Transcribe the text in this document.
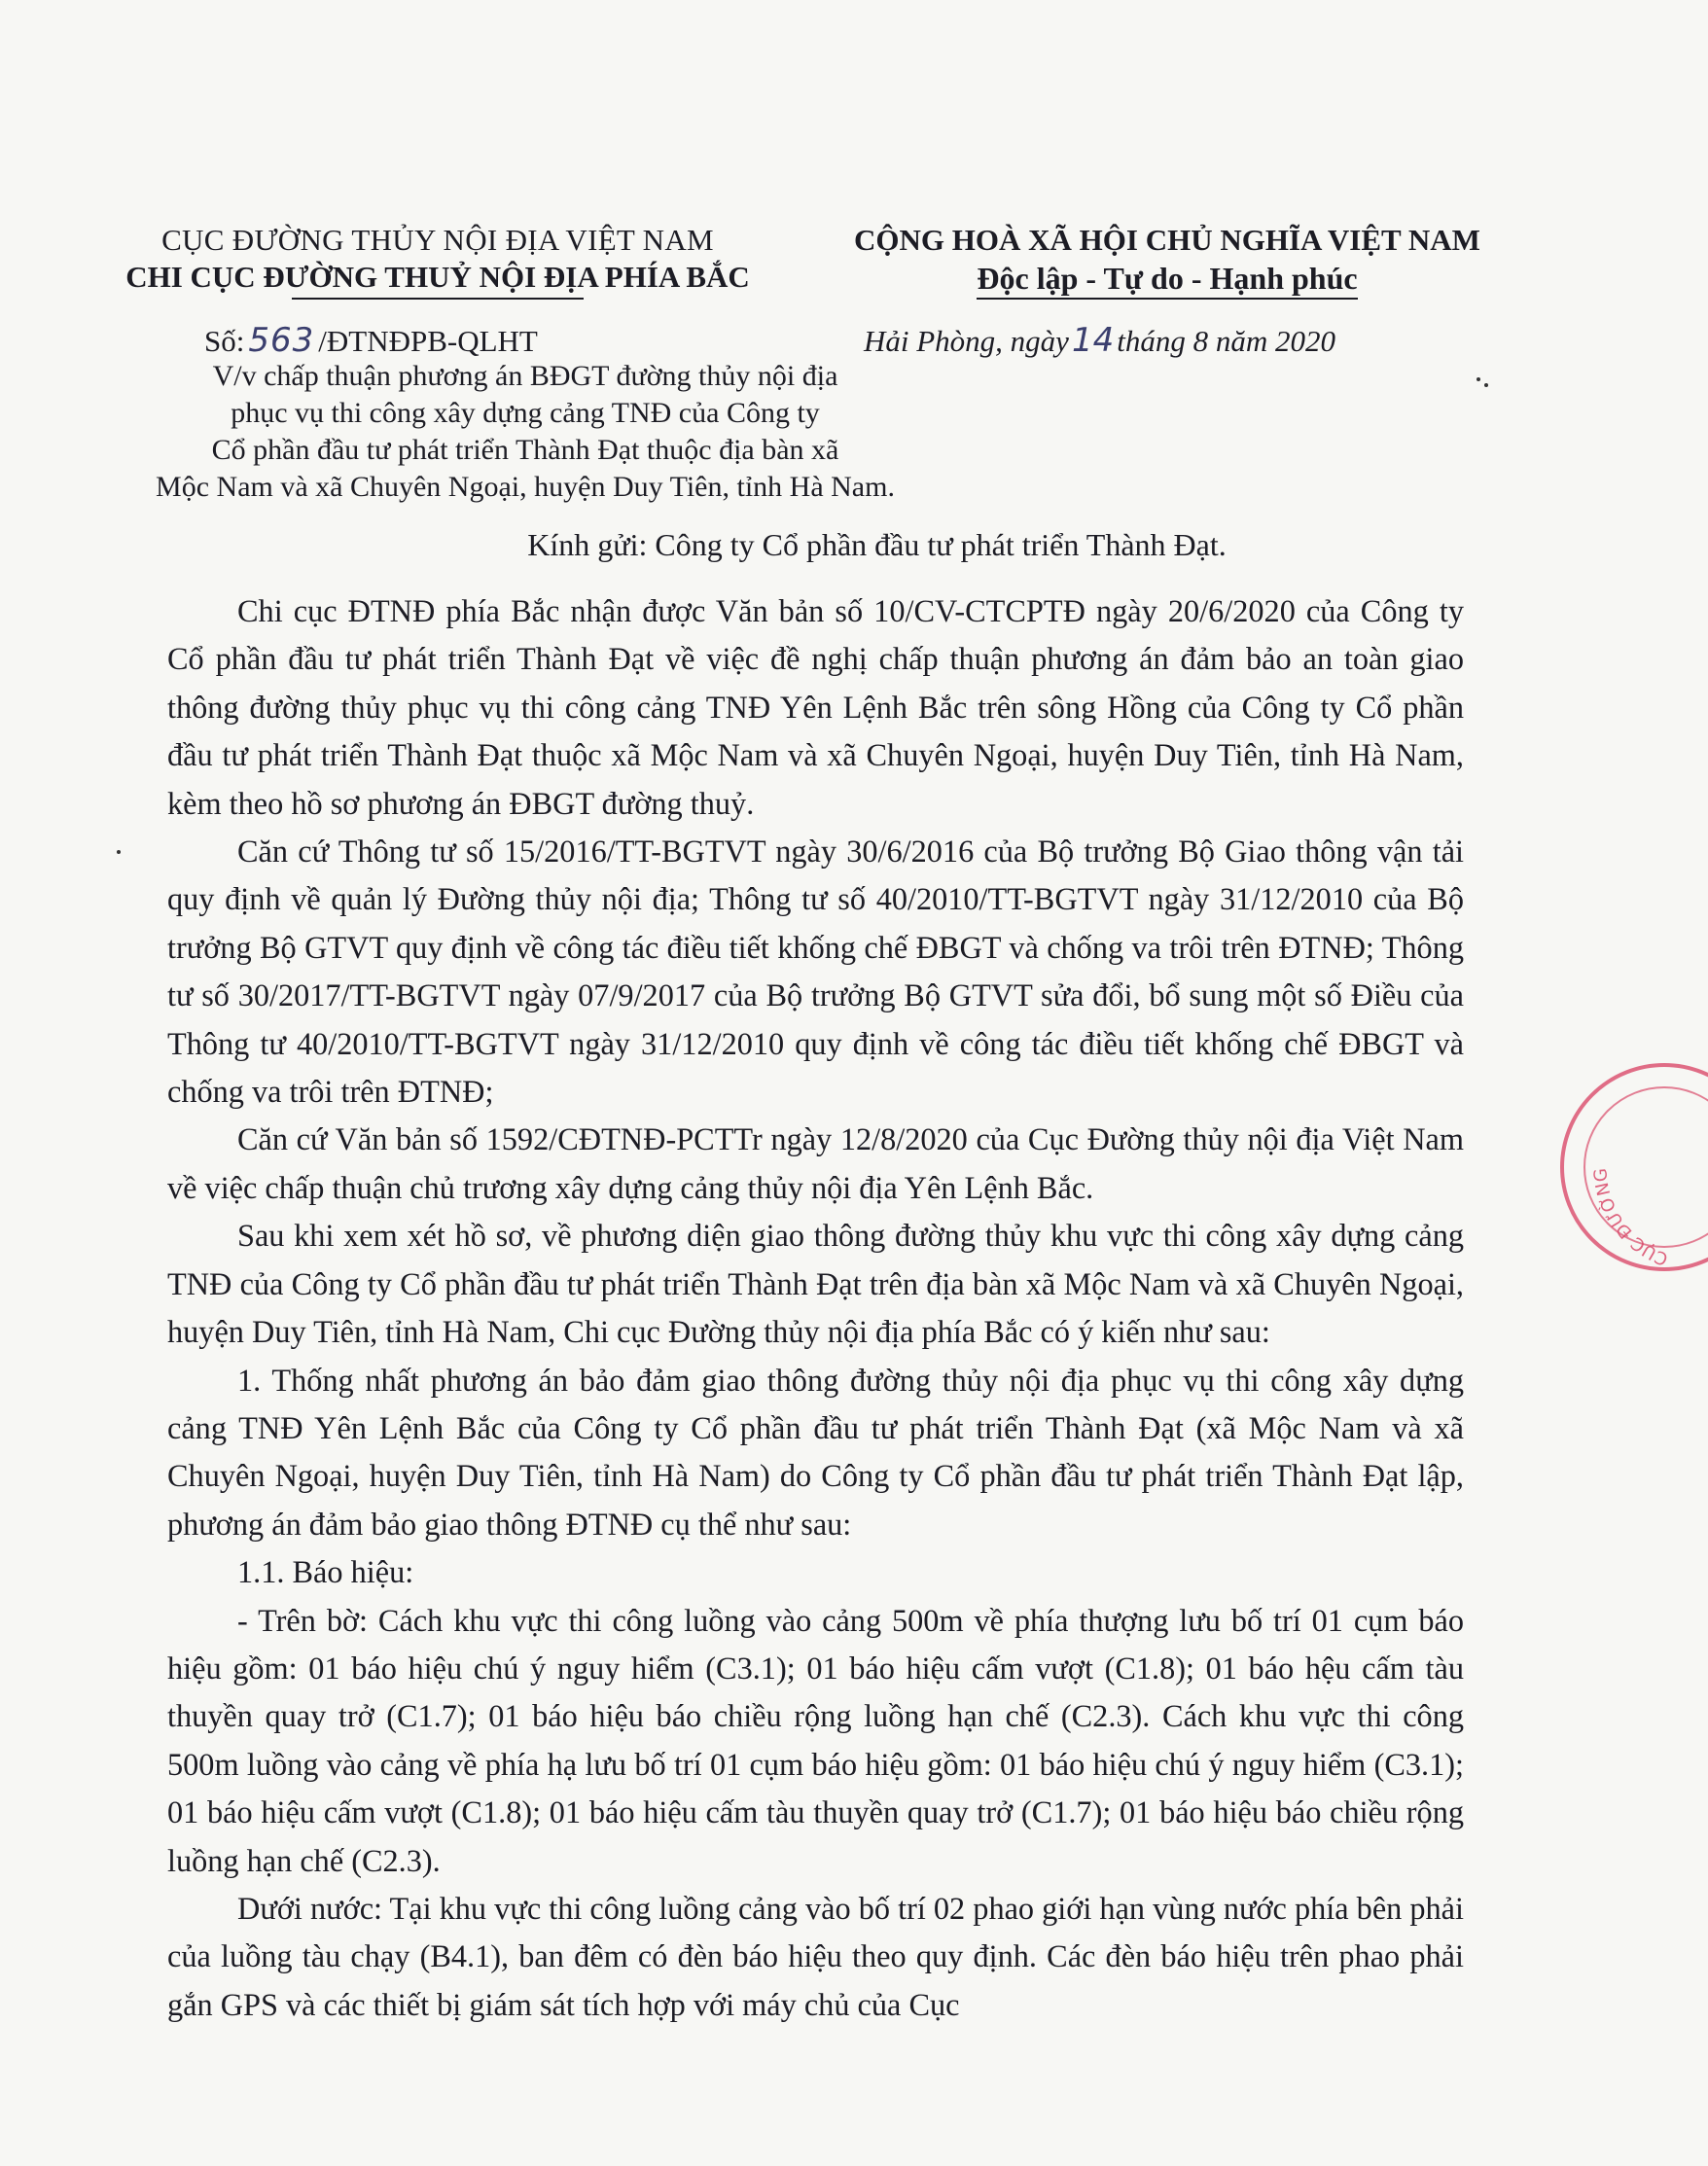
CỤC ĐƯỜNG THỦY NỘI ĐỊA VIỆT NAM
CHI CỤC ĐƯỜNG THUỶ NỘI ĐỊA PHÍA BẮC
CỘNG HOÀ XÃ HỘI CHỦ NGHĨA VIỆT NAM
Độc lập - Tự do - Hạnh phúc
Số: 563 /ĐTNĐPB-QLHT	Hải Phòng, ngày14tháng 8 năm 2020
V/v chấp thuận phương án BĐGT đường thủy nội địa
phục vụ thi công xây dựng cảng TNĐ của Công ty
Cổ phần đầu tư phát triển Thành Đạt thuộc địa bàn xã
Mộc Nam và xã Chuyên Ngoại, huyện Duy Tiên, tỉnh Hà Nam.
Kính gửi: Công ty Cổ phần đầu tư phát triển Thành Đạt.

Chi cục ĐTNĐ phía Bắc nhận được Văn bản số 10/CV-CTCPTĐ ngày 20/6/2020 của Công ty Cổ phần đầu tư phát triển Thành Đạt về việc đề nghị chấp thuận phương án đảm bảo an toàn giao thông đường thủy phục vụ thi công cảng TNĐ Yên Lệnh Bắc trên sông Hồng của Công ty Cổ phần đầu tư phát triển Thành Đạt thuộc xã Mộc Nam và xã Chuyên Ngoại, huyện Duy Tiên, tỉnh Hà Nam, kèm theo hồ sơ phương án ĐBGT đường thuỷ.

Căn cứ Thông tư số 15/2016/TT-BGTVT ngày 30/6/2016 của Bộ trưởng Bộ Giao thông vận tải quy định về quản lý Đường thủy nội địa; Thông tư số 40/2010/TT-BGTVT ngày 31/12/2010 của Bộ trưởng Bộ GTVT quy định về công tác điều tiết khống chế ĐBGT và chống va trôi trên ĐTNĐ; Thông tư số 30/2017/TT-BGTVT ngày 07/9/2017 của Bộ trưởng Bộ GTVT sửa đổi, bổ sung một số Điều của Thông tư 40/2010/TT-BGTVT ngày 31/12/2010 quy định về công tác điều tiết khống chế ĐBGT và chống va trôi trên ĐTNĐ;

Căn cứ Văn bản số 1592/CĐTNĐ-PCTTr ngày 12/8/2020 của Cục Đường thủy nội địa Việt Nam về việc chấp thuận chủ trương xây dựng cảng thủy nội địa Yên Lệnh Bắc.

Sau khi xem xét hồ sơ, về phương diện giao thông đường thủy khu vực thi công xây dựng cảng TNĐ của Công ty Cổ phần đầu tư phát triển Thành Đạt trên địa bàn xã Mộc Nam và xã Chuyên Ngoại, huyện Duy Tiên, tỉnh Hà Nam, Chi cục Đường thủy nội địa phía Bắc có ý kiến như sau:

1. Thống nhất phương án bảo đảm giao thông đường thủy nội địa phục vụ thi công xây dựng cảng TNĐ Yên Lệnh Bắc của Công ty Cổ phần đầu tư phát triển Thành Đạt (xã Mộc Nam và xã Chuyên Ngoại, huyện Duy Tiên, tỉnh Hà Nam) do Công ty Cổ phần đầu tư phát triển Thành Đạt lập, phương án đảm bảo giao thông ĐTNĐ cụ thể như sau:

1.1. Báo hiệu:

- Trên bờ: Cách khu vực thi công luồng vào cảng 500m về phía thượng lưu bố trí 01 cụm báo hiệu gồm: 01 báo hiệu chú ý nguy hiểm (C3.1); 01 báo hiệu cấm vượt (C1.8); 01 báo hệu cấm tàu thuyền quay trở (C1.7); 01 báo hiệu báo chiều rộng luồng hạn chế (C2.3). Cách khu vực thi công 500m luồng vào cảng về phía hạ lưu bố trí 01 cụm báo hiệu gồm: 01 báo hiệu chú ý nguy hiểm (C3.1); 01 báo hiệu cấm vượt (C1.8); 01 báo hiệu cấm tàu thuyền quay trở (C1.7); 01 báo hiệu báo chiều rộng luồng hạn chế (C2.3).

Dưới nước: Tại khu vực thi công luồng cảng vào bố trí 02 phao giới hạn vùng nước phía bên phải của luồng tàu chạy (B4.1), ban đêm có đèn báo hiệu theo quy định. Các đèn báo hiệu trên phao phải gắn GPS và các thiết bị giám sát tích hợp với máy chủ của Cục

CỤC ĐƯỜNG
